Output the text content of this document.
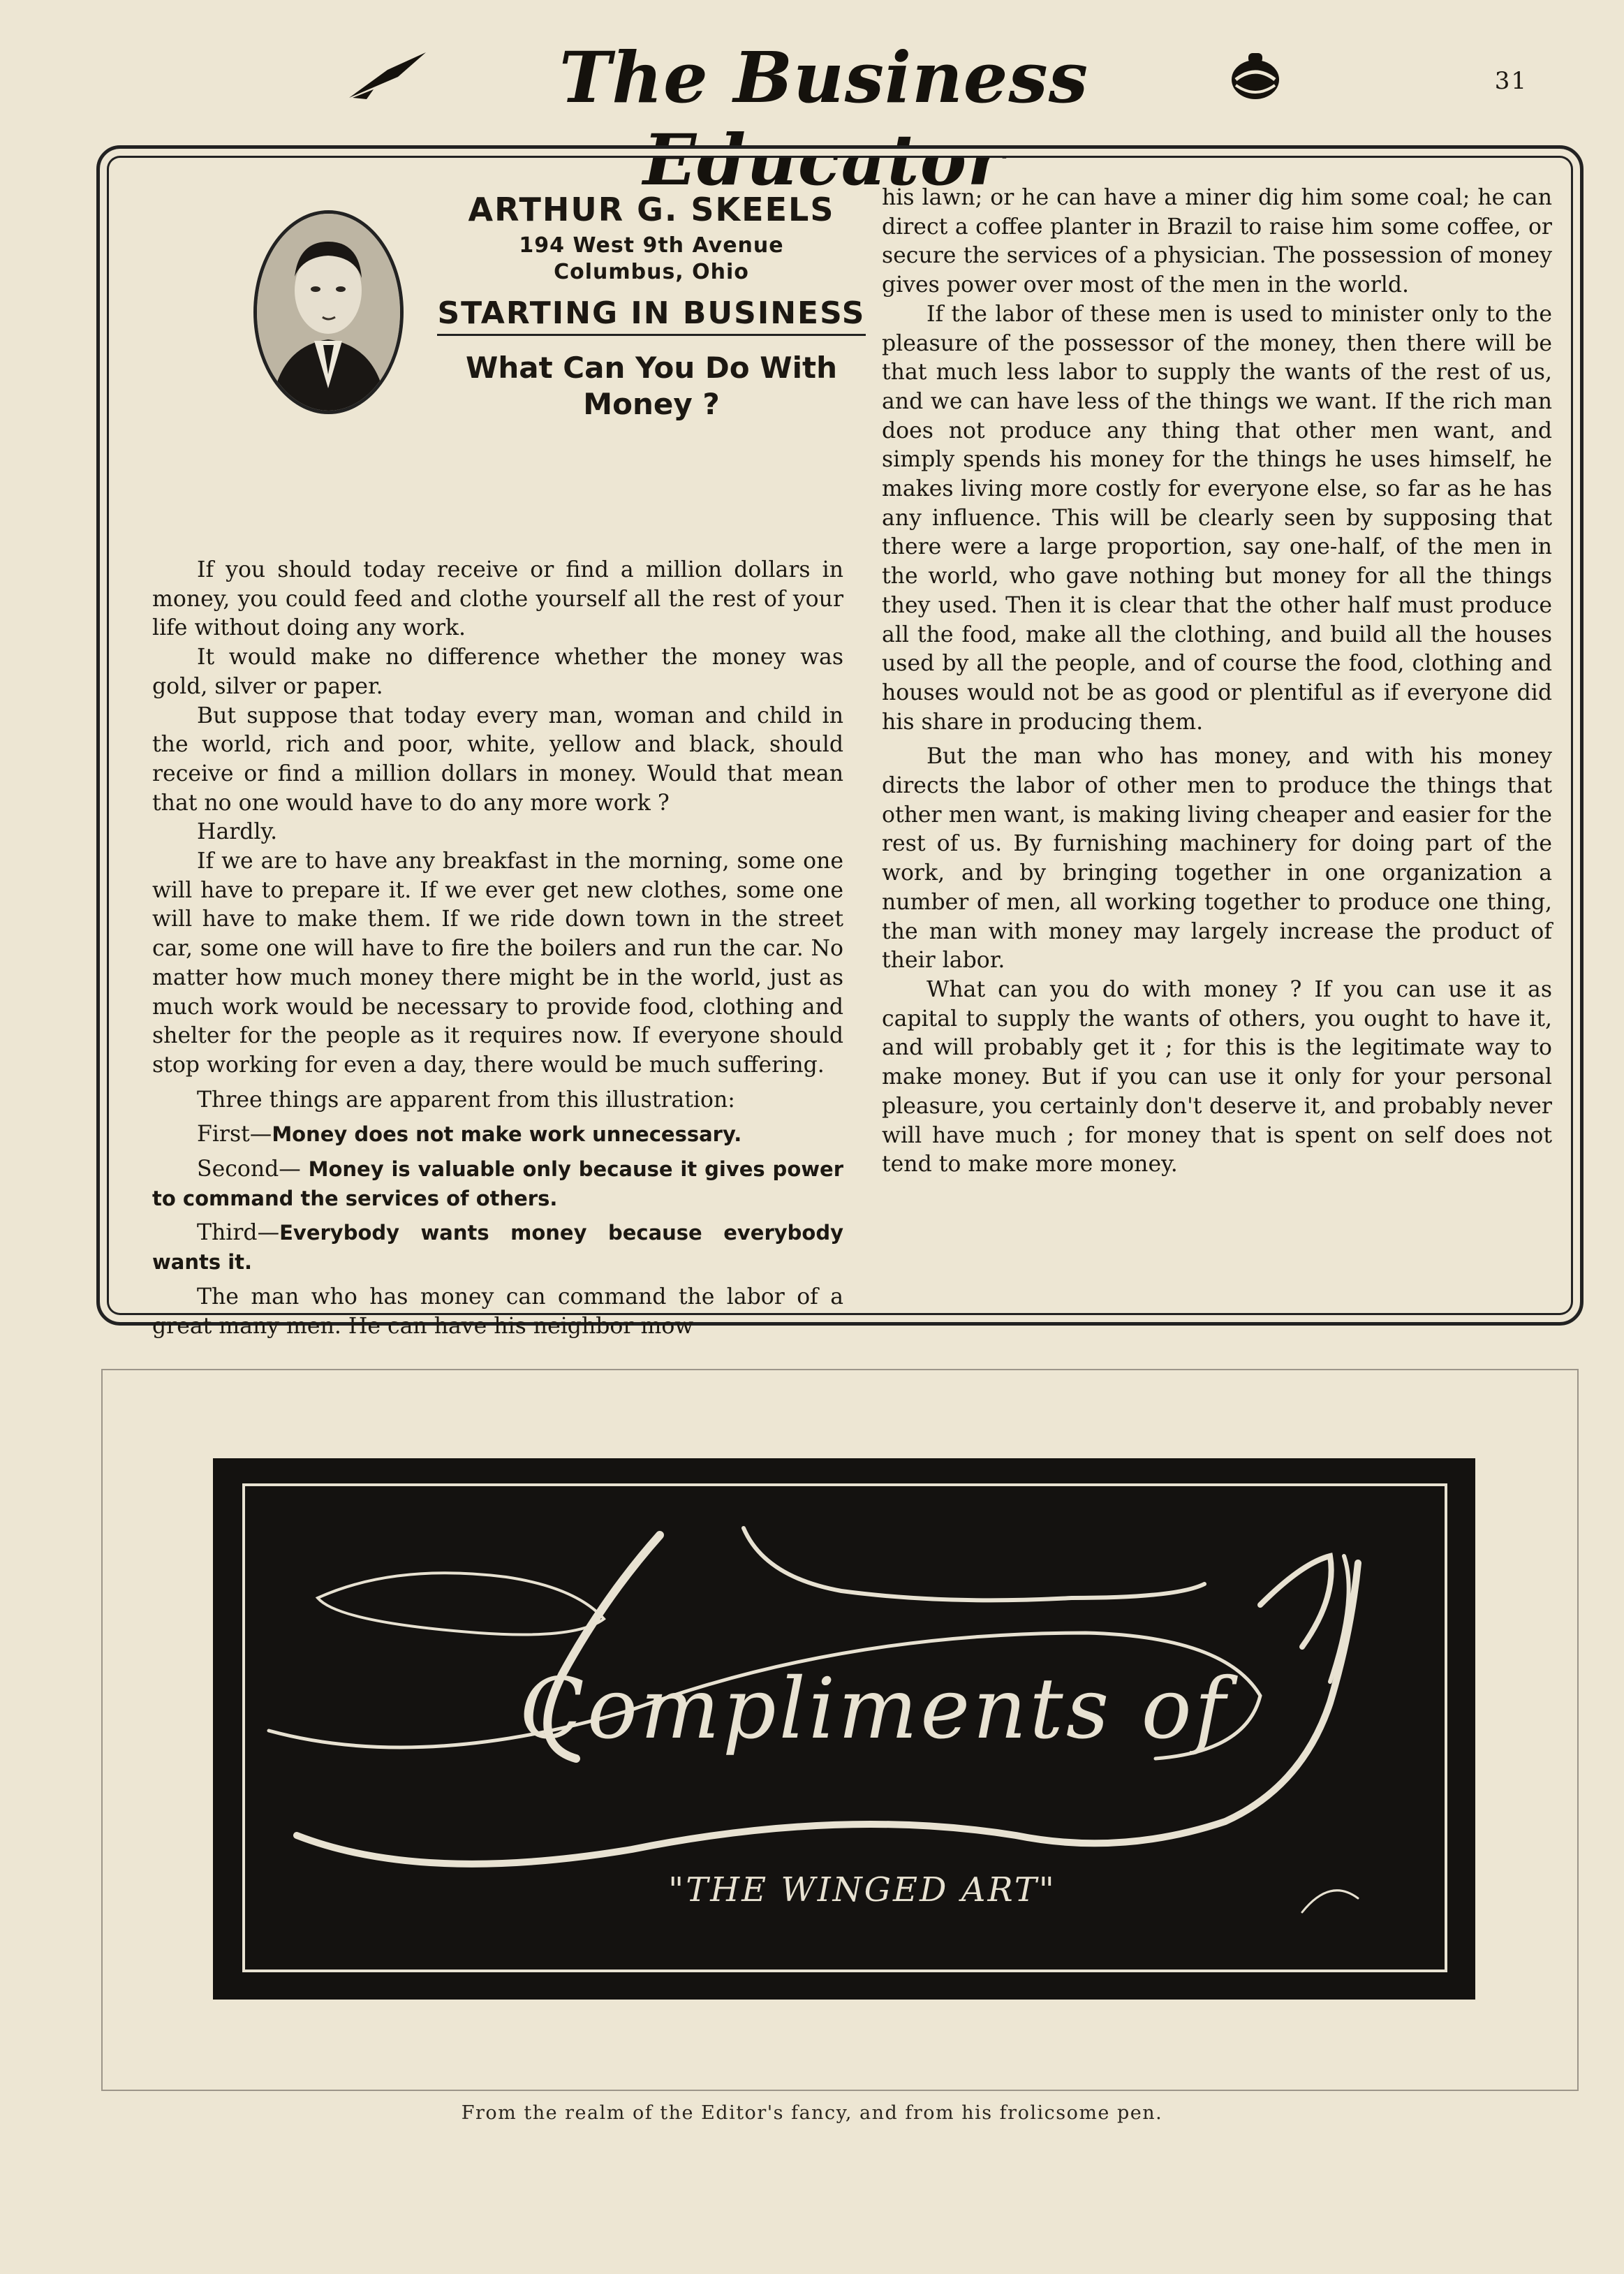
The Business Educator
31
ARTHUR G. SKEELS
194 West 9th Avenue
Columbus, Ohio
STARTING IN BUSINESS
What Can You Do With
Money ?

If you should today receive or find a million dollars in money, you could feed and clothe yourself all the rest of your life without doing any work.

It would make no difference whether the money was gold, silver or paper.

But suppose that today every man, woman and child in the world, rich and poor, white, yellow and black, should receive or find a million dollars in money. Would that mean that no one would have to do any more work ?

Hardly.

If we are to have any breakfast in the morning, some one will have to prepare it. If we ever get new clothes, some one will have to make them. If we ride down town in the street car, some one will have to fire the boilers and run the car. No matter how much money there might be in the world, just as much work would be necessary to provide food, clothing and shelter for the people as it requires now. If everyone should stop working for even a day, there would be much suffering.

Three things are apparent from this illustration:

First—Money does not make work unnecessary.

Second— Money is valuable only because it gives power to command the services of others.

Third—Everybody wants money because everybody wants it.

The man who has money can command the labor of a great many men. He can have his neighbor mow

his lawn; or he can have a miner dig him some coal; he can direct a coffee planter in Brazil to raise him some coffee, or secure the services of a physician. The possession of money gives power over most of the men in the world.

If the labor of these men is used to minister only to the pleasure of the possessor of the money, then there will be that much less labor to supply the wants of the rest of us, and we can have less of the things we want. If the rich man does not produce any thing that other men want, and simply spends his money for the things he uses himself, he makes living more costly for everyone else, so far as he has any influence. This will be clearly seen by supposing that there were a large proportion, say one-half, of the men in the world, who gave nothing but money for all the things they used. Then it is clear that the other half must produce all the food, make all the clothing, and build all the houses used by all the people, and of course the food, clothing and houses would not be as good or plentiful as if everyone did his share in producing them.

But the man who has money, and with his money directs the labor of other men to produce the things that other men want, is making living cheaper and easier for the rest of us. By furnishing machinery for doing part of the work, and by bringing together in one organization a number of men, all working together to produce one thing, the man with money may largely increase the product of their labor.

What can you do with money ? If you can use it as capital to supply the wants of others, you ought to have it, and will probably get it ; for this is the legitimate way to make money. But if you can use it only for your personal pleasure, you certainly don't deserve it, and probably never will have much ; for money that is spent on self does not tend to make more money.

Compliments of
"THE WINGED ART"
From the realm of the Editor's fancy, and from his frolicsome pen.
